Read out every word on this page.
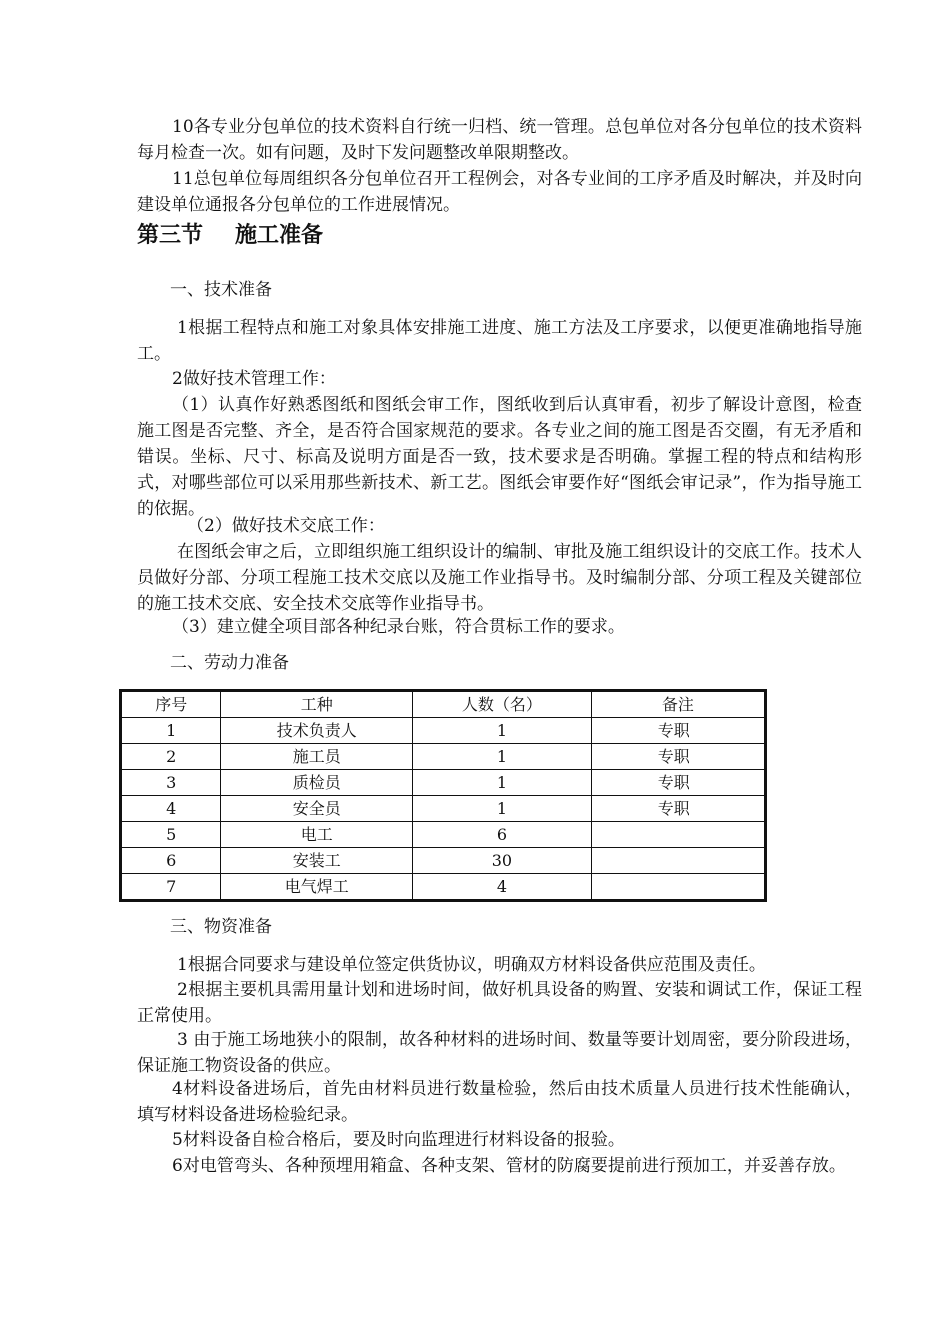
10各专业分包单位的技术资料自行统一归档、统一管理。总包单位对各分包单位的技术资料每月检查一次。如有问题，及时下发问题整改单限期整改。

11总包单位每周组织各分包单位召开工程例会，对各专业间的工序矛盾及时解决，并及时向建设单位通报各分包单位的工作进展情况。

第三节 施工准备
一、技术准备

1根据工程特点和施工对象具体安排施工进度、施工方法及工序要求，以便更准确地指导施工。

2做好技术管理工作：

（1）认真作好熟悉图纸和图纸会审工作，图纸收到后认真审看，初步了解设计意图，检查施工图是否完整、齐全，是否符合国家规范的要求。各专业之间的施工图是否交圈，有无矛盾和错误。坐标、尺寸、标高及说明方面是否一致，技术要求是否明确。掌握工程的特点和结构形式，对哪些部位可以采用那些新技术、新工艺。图纸会审要作好“图纸会审记录”，作为指导施工的依据。

（2）做好技术交底工作：

在图纸会审之后，立即组织施工组织设计的编制、审批及施工组织设计的交底工作。技术人员做好分部、分项工程施工技术交底以及施工作业指导书。及时编制分部、分项工程及关键部位的施工技术交底、安全技术交底等作业指导书。

（3）建立健全项目部各种纪录台账，符合贯标工作的要求。

二、劳动力准备
序号	工种	人数（名）	备注
1	技术负责人	1	专职
2	施工员	1	专职
3	质检员	1	专职
4	安全员	1	专职
5	电工	6	
6	安装工	30	
7	电气焊工	4	
三、物资准备

1根据合同要求与建设单位签定供货协议，明确双方材料设备供应范围及责任。

2根据主要机具需用量计划和进场时间，做好机具设备的购置、安装和调试工作，保证工程正常使用。

3 由于施工场地狭小的限制，故各种材料的进场时间、数量等要计划周密，要分阶段进场，保证施工物资设备的供应。

4材料设备进场后，首先由材料员进行数量检验，然后由技术质量人员进行技术性能确认，填写材料设备进场检验纪录。

5材料设备自检合格后，要及时向监理进行材料设备的报验。

6对电管弯头、各种预埋用箱盒、各种支架、管材的防腐要提前进行预加工，并妥善存放。
